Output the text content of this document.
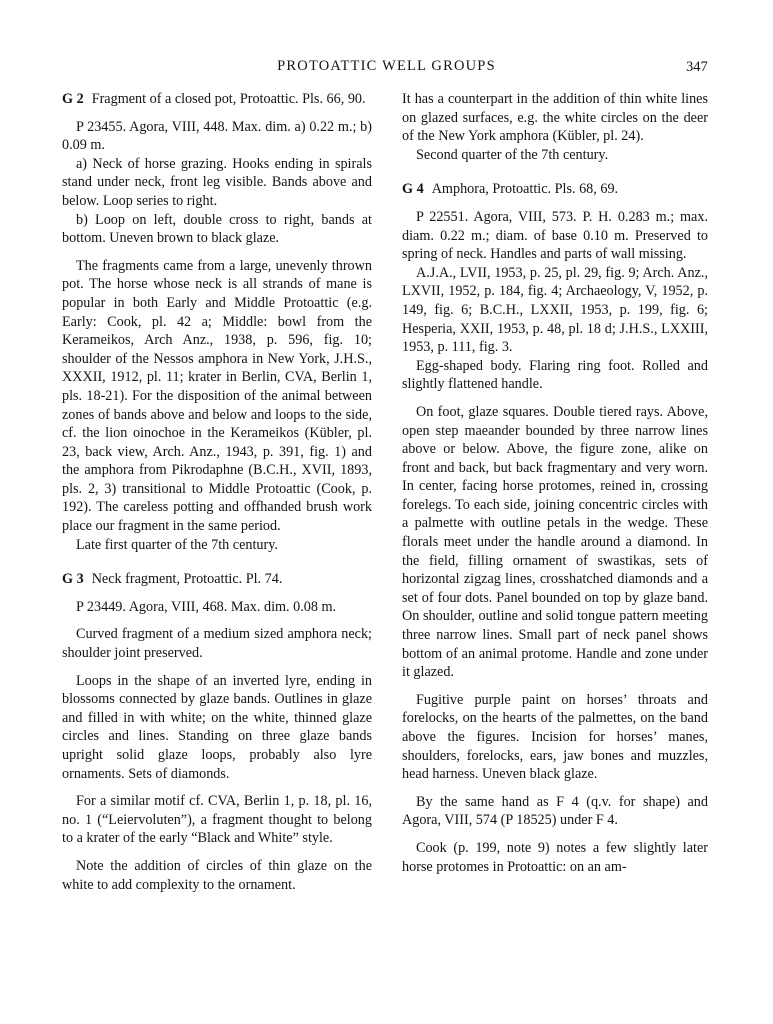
PROTOATTIC WELL GROUPS	347

G 2 Fragment of a closed pot, Protoattic. Pls. 66, 90.

P 23455. Agora, VIII, 448. Max. dim. a) 0.22 m.; b) 0.09 m.

a) Neck of horse grazing. Hooks ending in spirals stand under neck, front leg visible. Bands above and below. Loop series to right.

b) Loop on left, double cross to right, bands at bottom. Uneven brown to black glaze.

The fragments came from a large, unevenly thrown pot. The horse whose neck is all strands of mane is popular in both Early and Middle Protoattic (e.g. Early: Cook, pl. 42 a; Middle: bowl from the Kerameikos, Arch Anz., 1938, p. 596, fig. 10; shoulder of the Nessos amphora in New York, J.H.S., XXXII, 1912, pl. 11; krater in Berlin, CVA, Berlin 1, pls. 18-21). For the disposition of the animal between zones of bands above and below and loops to the side, cf. the lion oinochoe in the Kerameikos (Kübler, pl. 23, back view, Arch. Anz., 1943, p. 391, fig. 1) and the amphora from Pikrodaphne (B.C.H., XVII, 1893, pls. 2, 3) transitional to Middle Protoattic (Cook, p. 192). The careless potting and offhanded brush work place our fragment in the same period.

Late first quarter of the 7th century.

G 3 Neck fragment, Protoattic. Pl. 74.

P 23449. Agora, VIII, 468. Max. dim. 0.08 m.

Curved fragment of a medium sized amphora neck; shoulder joint preserved.

Loops in the shape of an inverted lyre, ending in blossoms connected by glaze bands. Outlines in glaze and filled in with white; on the white, thinned glaze circles and lines. Standing on three glaze bands upright solid glaze loops, probably also lyre ornaments. Sets of diamonds.

For a similar motif cf. CVA, Berlin 1, p. 18, pl. 16, no. 1 (“Leiervoluten”), a fragment thought to belong to a krater of the early “Black and White” style.

Note the addition of circles of thin glaze on the white to add complexity to the ornament.

It has a counterpart in the addition of thin white lines on glazed surfaces, e.g. the white circles on the deer of the New York amphora (Kübler, pl. 24).

Second quarter of the 7th century.

G 4 Amphora, Protoattic. Pls. 68, 69.

P 22551. Agora, VIII, 573. P. H. 0.283 m.; max. diam. 0.22 m.; diam. of base 0.10 m. Preserved to spring of neck. Handles and parts of wall missing.

A.J.A., LVII, 1953, p. 25, pl. 29, fig. 9; Arch. Anz., LXVII, 1952, p. 184, fig. 4; Archaeology, V, 1952, p. 149, fig. 6; B.C.H., LXXII, 1953, p. 199, fig. 6; Hesperia, XXII, 1953, p. 48, pl. 18 d; J.H.S., LXXIII, 1953, p. 111, fig. 3.

Egg-shaped body. Flaring ring foot. Rolled and slightly flattened handle.

On foot, glaze squares. Double tiered rays. Above, open step maeander bounded by three narrow lines above or below. Above, the figure zone, alike on front and back, but back fragmentary and very worn. In center, facing horse protomes, reined in, crossing forelegs. To each side, joining concentric circles with a palmette with outline petals in the wedge. These florals meet under the handle around a diamond. In the field, filling ornament of swastikas, sets of horizontal zigzag lines, crosshatched diamonds and a set of four dots. Panel bounded on top by glaze band. On shoulder, outline and solid tongue pattern meeting three narrow lines. Small part of neck panel shows bottom of an animal protome. Handle and zone under it glazed.

Fugitive purple paint on horses’ throats and forelocks, on the hearts of the palmettes, on the band above the figures. Incision for horses’ manes, shoulders, forelocks, ears, jaw bones and muzzles, head harness. Uneven black glaze.

By the same hand as F 4 (q.v. for shape) and Agora, VIII, 574 (P 18525) under F 4.

Cook (p. 199, note 9) notes a few slightly later horse protomes in Protoattic: on an am-
